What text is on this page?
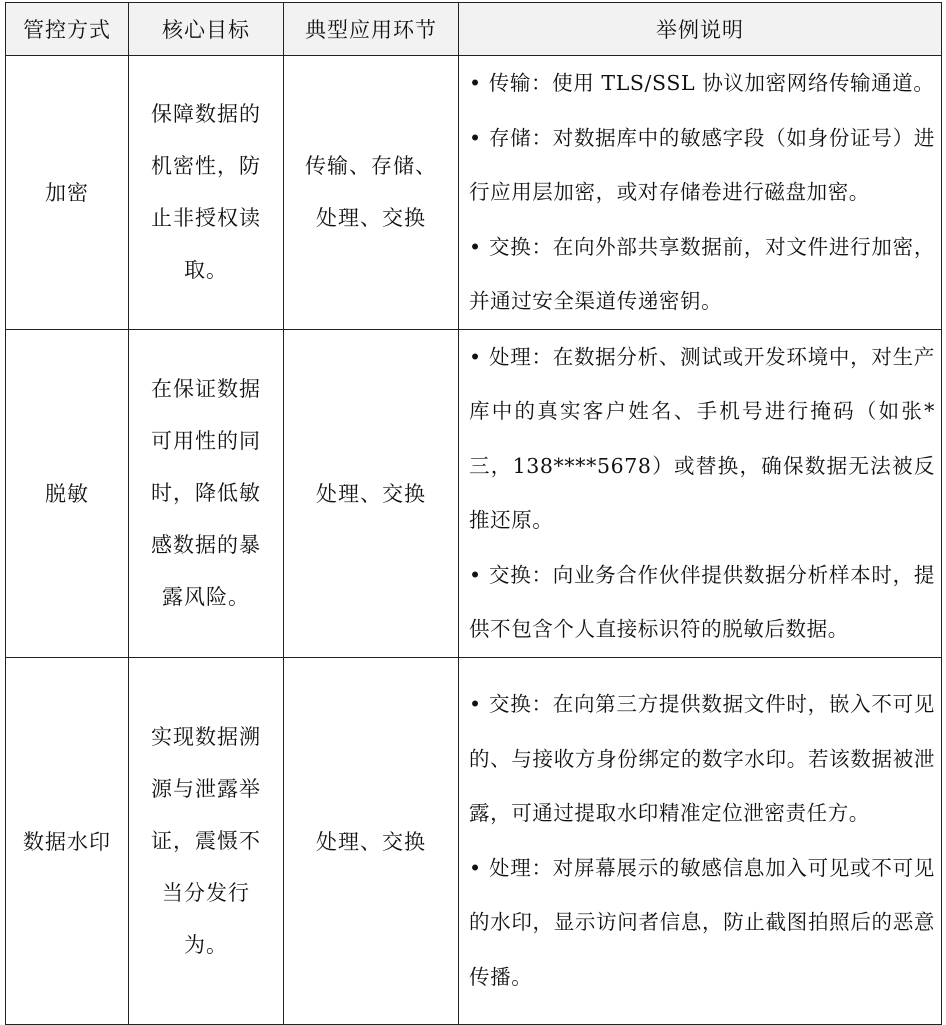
管控方式	核心目标	典型应用环节	举例说明
加密	保障数据的机密性，防止非授权读取。	传输、存储、处理、交换	• 传输：使用 TLS/SSL 协议加密网络传输通道。

• 存储：对数据库中的敏感字段（如身份证号）进行应用层加密，或对存储卷进行磁盘加密。

• 交换：在向外部共享数据前，对文件进行加密，并通过安全渠道传递密钥。

脱敏	在保证数据可用性的同时，降低敏感数据的暴露风险。	处理、交换	• 处理：在数据分析、测试或开发环境中，对生产库中的真实客户姓名、手机号进行掩码（如张*三，138****5678）或替换，确保数据无法被反推还原。

• 交换：向业务合作伙伴提供数据分析样本时，提供不包含个人直接标识符的脱敏后数据。

数据水印	实现数据溯源与泄露举证，震慑不当分发行为。	处理、交换	• 交换：在向第三方提供数据文件时，嵌入不可见的、与接收方身份绑定的数字水印。若该数据被泄露，可通过提取水印精准定位泄密责任方。

• 处理：对屏幕展示的敏感信息加入可见或不可见的水印，显示访问者信息，防止截图拍照后的恶意传播。
